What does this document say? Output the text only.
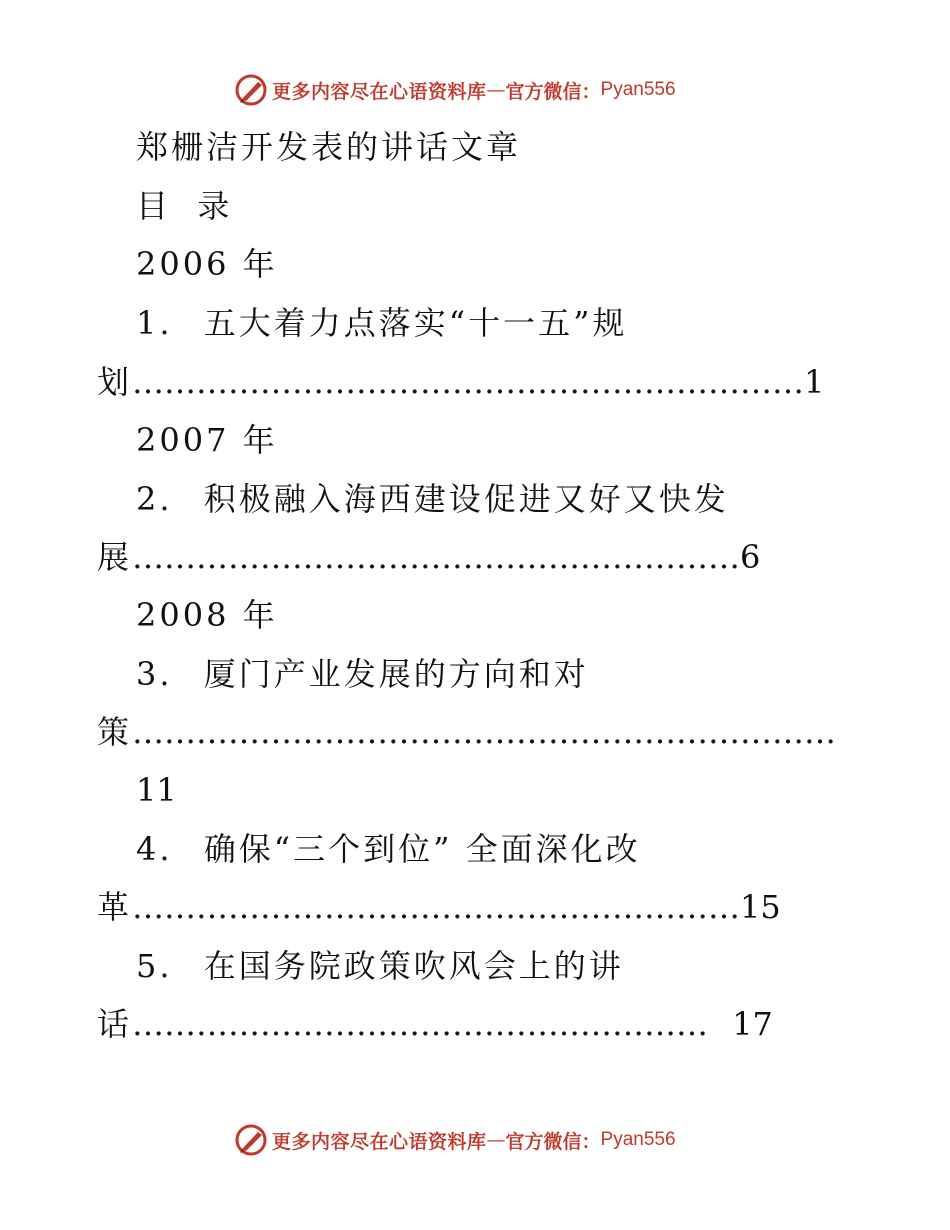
更多内容尽在心语资料库 — 官方微信： Pyan556
郑栅洁开发表的讲话文章
目  录
2006 年
1. 五大着力点落实“十一五”规
划………………………………………………………1
2007 年
2. 积极融入海西建设促进又好又快发
展…………………………………………………6
2008 年
3. 厦门产业发展的方向和对
策…………………………………………………………
11
4. 确保“三个到位” 全面深化改
革…………………………………………………15
5. 在国务院政策吹风会上的讲
话……………………………………………… 17
更多内容尽在心语资料库 — 官方微信： Pyan556
